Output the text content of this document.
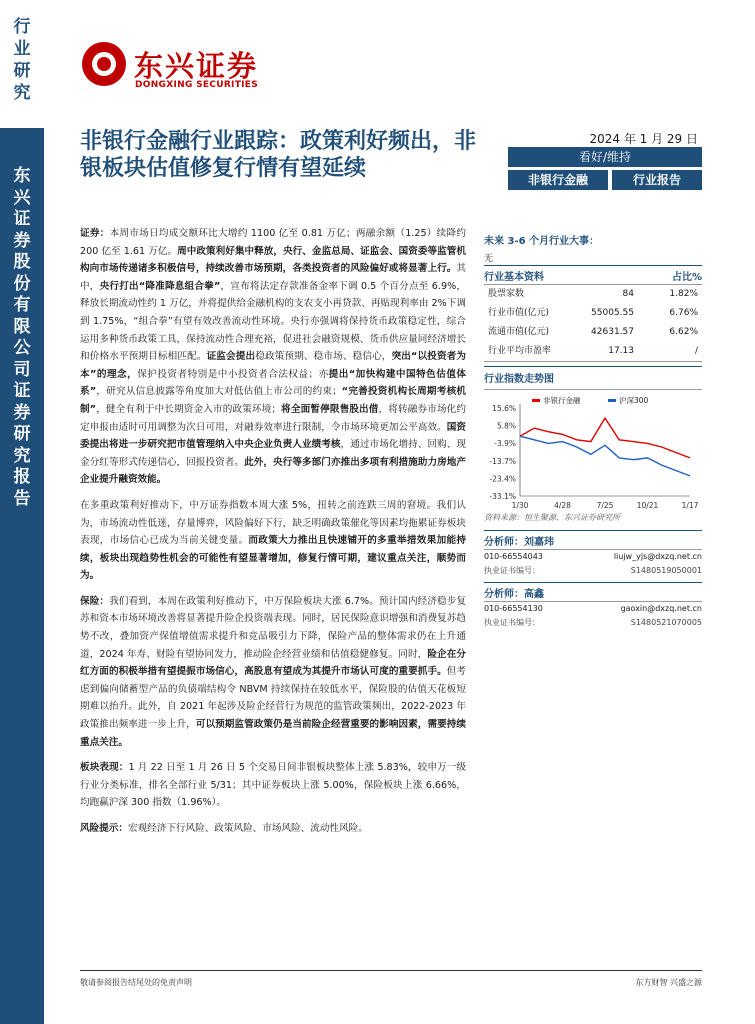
行
业
研
究
东
兴
证
券
股
份
有
限
公
司
证
券
研
究
报
告
东兴证券
DONGXING SECURITIES
非银行金融行业跟踪：政策利好频出，非银板块估值修复行情有望延续
2024 年 1 月 29 日
看好/维持
非银行金融	行业报告

证券：本周市场日均成交额环比大增约 1100 亿至 0.81 万亿；两融余额（1.25）续降约 200 亿至 1.61 万亿。周中政策利好集中释放，央行、金监总局、证监会、国资委等监管机构向市场传递诸多积极信号，持续改善市场预期，各类投资者的风险偏好或将显著上行。其中，央行打出“降准降息组合拳”，宣布将法定存款准备金率下调 0.5 个百分点至 6.9%，释放长期流动性约 1 万亿，并将提供给金融机构的支农支小再贷款、再贴现利率由 2%下调到 1.75%，“组合拳”有望有效改善流动性环境。央行亦强调将保持货币政策稳定性，综合运用多种货币政策工具，保持流动性合理充裕，促进社会融资规模、货币供应量同经济增长和价格水平预期目标相匹配。证监会提出稳政策预期、稳市场、稳信心，突出“以投资者为本”的理念，保护投资者特别是中小投资者合法权益；亦提出“加快构建中国特色估值体系”，研究从信息披露等角度加大对低估值上市公司的约束；“完善投资机构长周期考核机制”，健全有利于中长期资金入市的政策环境；将全面暂停限售股出借，将转融券市场化约定申报由适时可用调整为次日可用，对融券效率进行限制，令市场环境更加公平高效。国资委提出将进一步研究把市值管理纳入中央企业负责人业绩考核，通过市场化增持、回购、现金分红等形式传递信心，回报投资者。此外，央行等多部门亦推出多项有利措施助力房地产企业提升融资效能。

在多重政策利好推动下，中万证券指数本周大涨 5%，扭转之前连跌三周的窘境。我们认为，市场流动性低迷，存量博弈，风险偏好下行，缺乏明确政策催化等因素均拖累证券板块表现，市场信心已成为当前关键变量。而政策大力推出且快速铺开的多重举措效果加能持续，板块出现趋势性机会的可能性有望显著增加，修复行情可期，建议重点关注，顺势而为。

保险：我们看到，本周在政策利好推动下，中万保险板块大涨 6.7%。预计国内经济稳步复苏和资本市场环境改善将显著提升险企投资端表现。同时，居民保险意识增强和消费复苏趋势不改，叠加资产保值增值需求提升和竞品吸引力下降，保险产品的整体需求仍在上升通道，2024 年寿、财险有望协同发力，推动险企经营业绩和估值稳健修复。同时，险企在分红方面的积极举措有望提振市场信心，高股息有望成为其提升市场认可度的重要抓手。但考虑到偏向储蓄型产品的负债端结构令 NBVM 持续保持在较低水平，保险股的估值天花板短期难以抬升。此外，自 2021 年起涉及险企经营行为规范的监管政策频出，2022-2023 年政策推出频率进一步上升，可以预期监管政策仍是当前险企经营重要的影响因素，需要持续重点关注。

板块表现：1 月 22 日至 1 月 26 日 5 个交易日间非银板块整体上涨 5.83%，较申万一级行业分类标准，排名全部行业 5/31；其中证券板块上涨 5.00%，保险板块上涨 6.66%，均跑赢沪深 300 指数（1.96%）。

风险提示：宏观经济下行风险、政策风险、市场风险、流动性风险。

未来 3-6 个月行业大事：
无
行业基本资料	占比%
股票家数	84	1.82%
行业市值(亿元)	55005.55	6.76%
流通市值(亿元)	42631.57	6.62%
行业平均市盈率	17.13	/
行业指数走势图
15.6%
5.8%
-3.9%
-13.7%
-23.4%
-33.1%
1/30	4/28	7/25	10/21	1/17
非银行金融	沪深300
资料来源：恒生聚源、东兴证券研究所
分析师：刘嘉玮
010-66554043	liujw_yjs@dxzq.net.cn
执业证书编号：	S1480519050001
分析师：高鑫
010-66554130	gaoxin@dxzq.net.cn
执业证书编号：	S1480521070005
敬请参阅报告结尾处的免责声明	东方财智 兴盛之源
